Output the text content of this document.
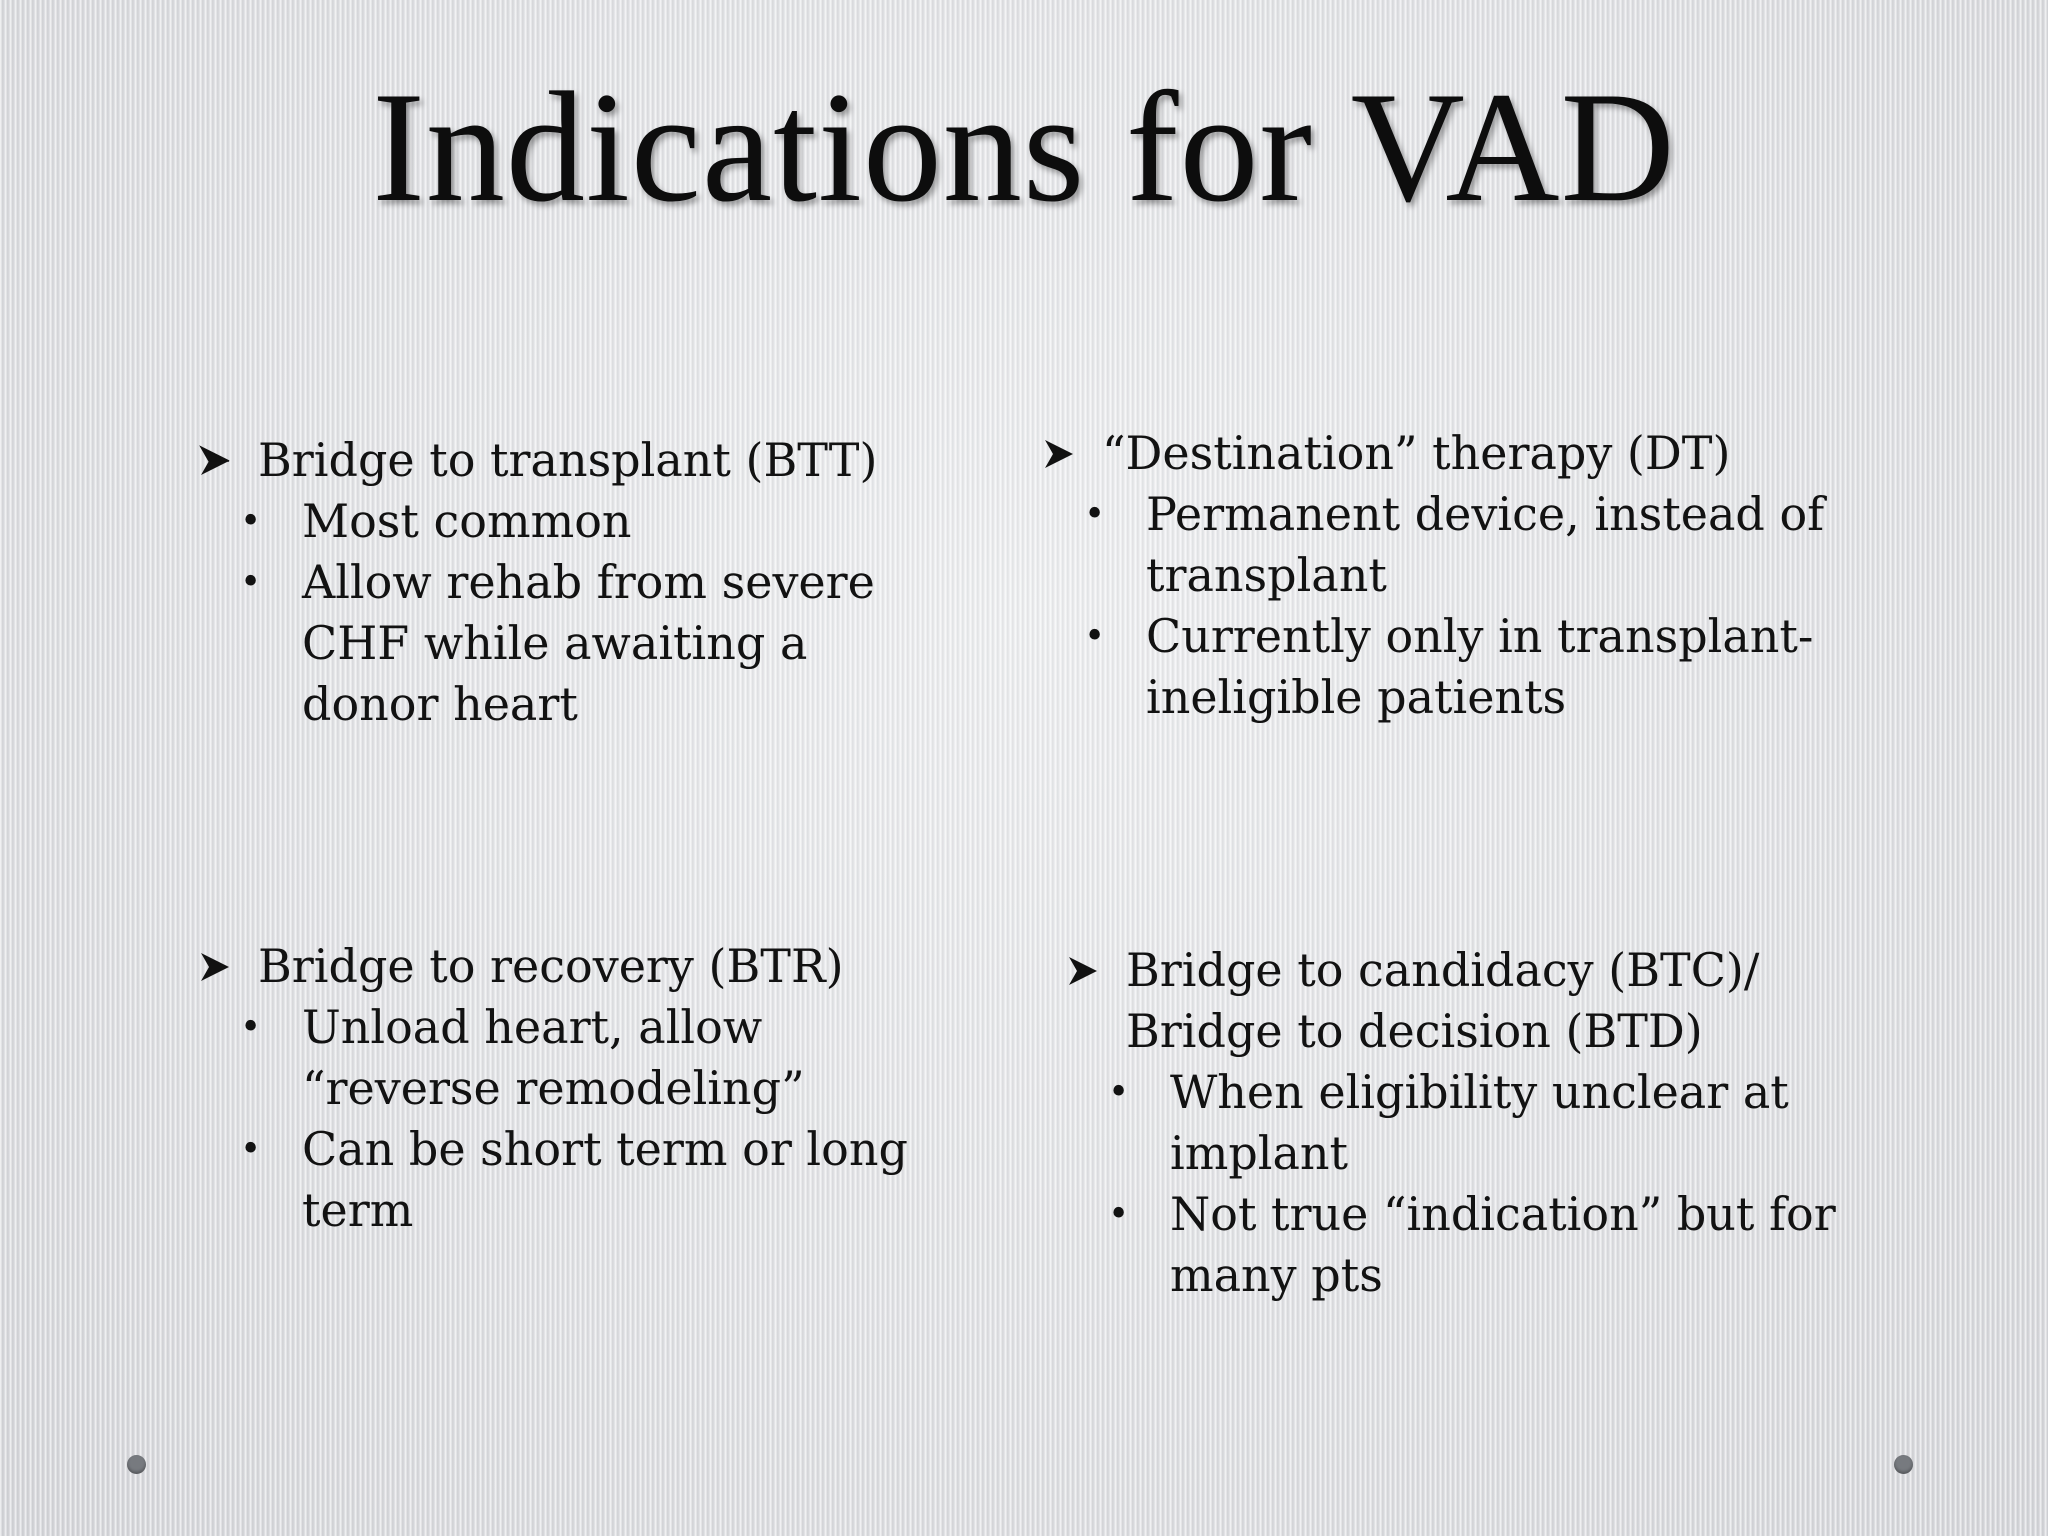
Indications for VAD
Bridge to transplant (BTT)
• Most common
• Allow rehab from severe CHF while awaiting a donor heart
“Destination” therapy (DT)
• Permanent device, instead of transplant
• Currently only in transplant-ineligible patients
Bridge to recovery (BTR)
• Unload heart, allow “reverse remodeling”
• Can be short term or long term
Bridge to candidacy (BTC)/ Bridge to decision (BTD)
• When eligibility unclear at implant
• Not true “indication” but for many pts
